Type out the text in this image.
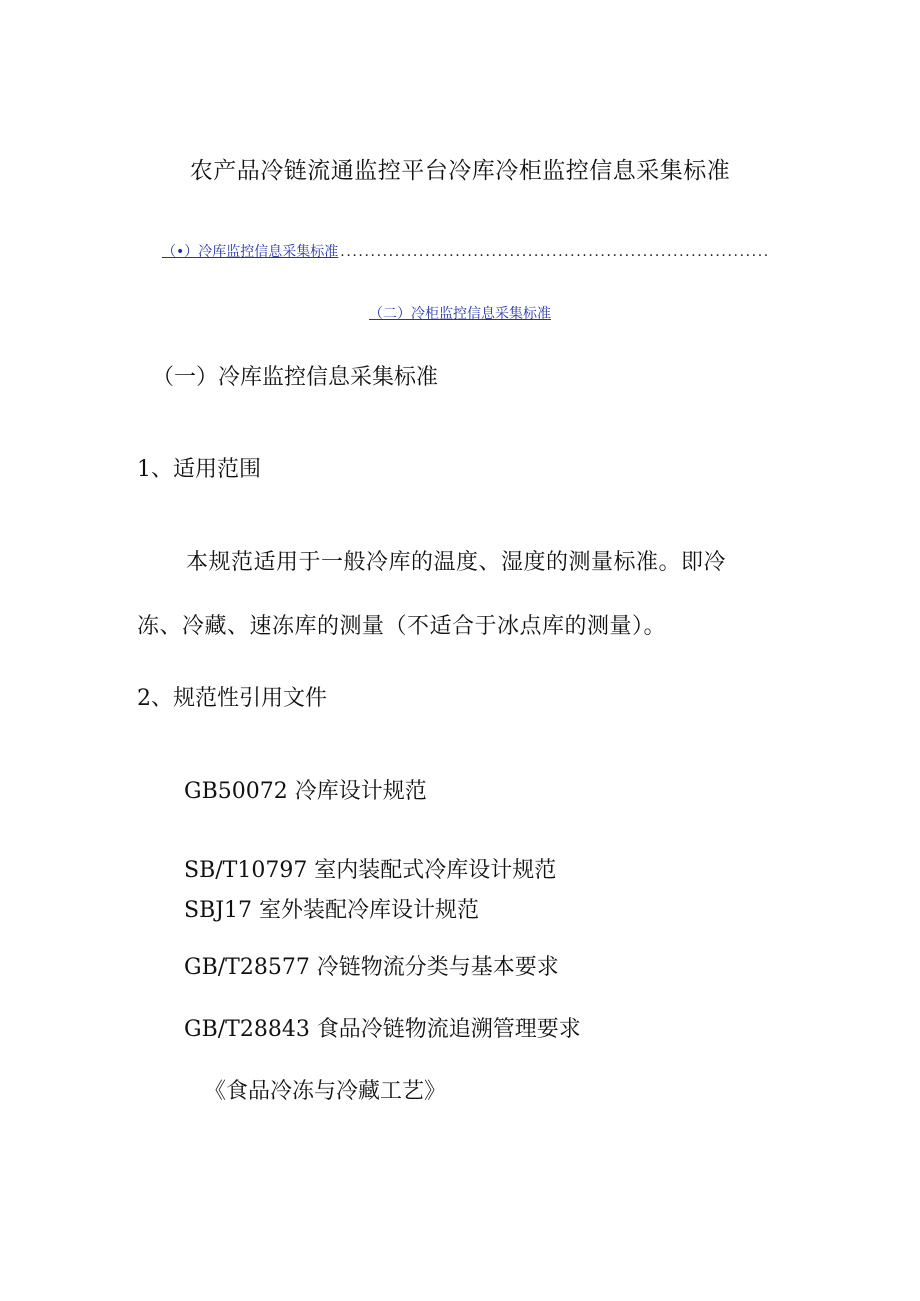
农产品冷链流通监控平台冷库冷柜监控信息采集标准
（•）冷库监控信息采集标准 .......................................................................
（二）冷柜监控信息采集标准
（一）冷库监控信息采集标准
1、适用范围
本规范适用于一般冷库的温度、湿度的测量标准。即冷
冻、冷藏、速冻库的测量（不适合于冰点库的测量）。
2、规范性引用文件
GB50072 冷库设计规范
SB/T10797 室内装配式冷库设计规范
SBJ17 室外装配冷库设计规范
GB/T28577 冷链物流分类与基本要求
GB/T28843 食品冷链物流追溯管理要求
《食品冷冻与冷藏工艺》
